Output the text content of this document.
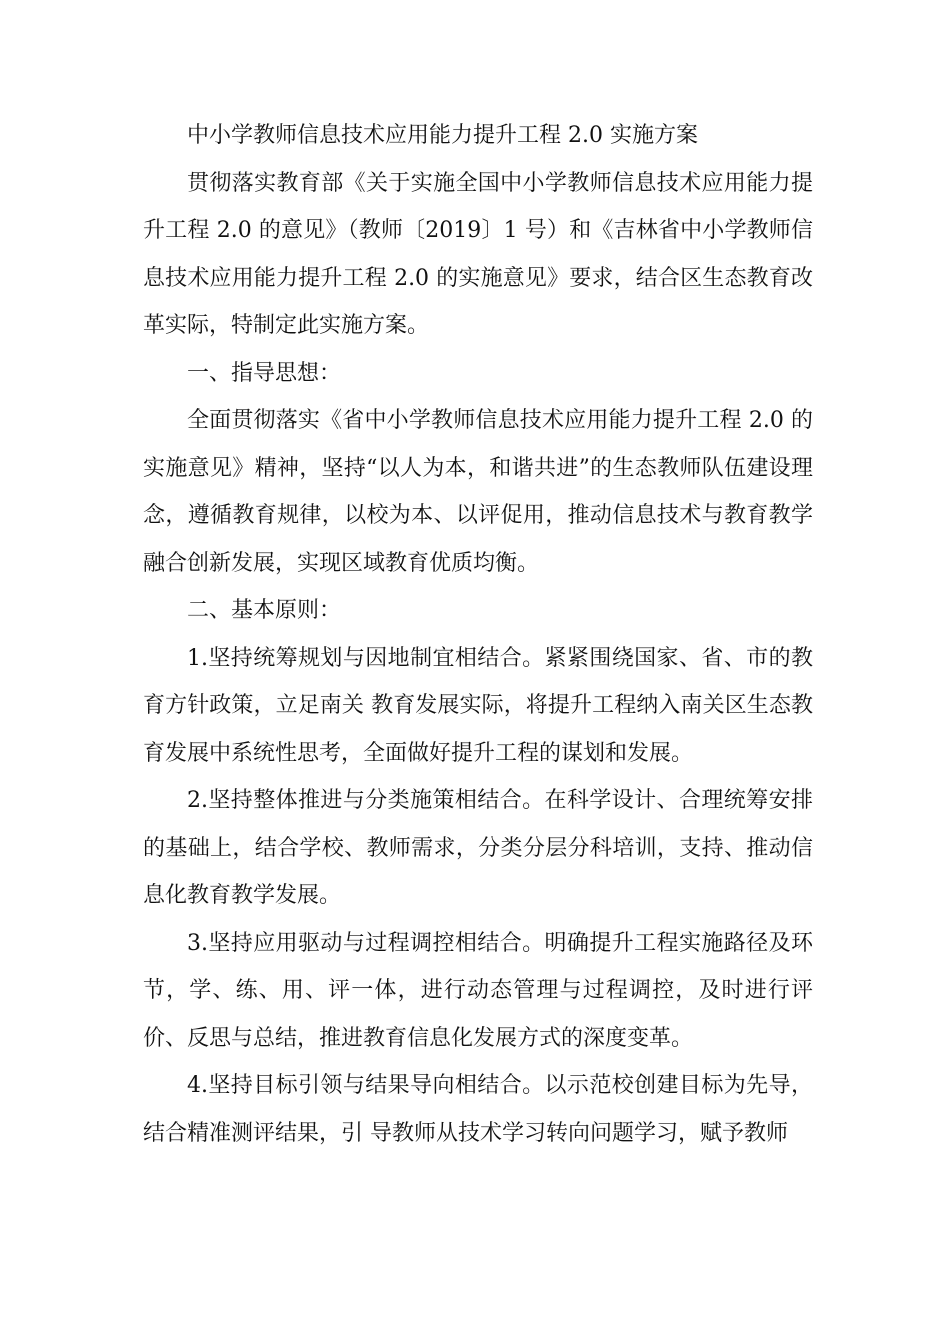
中小学教师信息技术应用能力提升工程 2.0 实施方案

贯彻落实教育部《关于实施全国中小学教师信息技术应用能力提升工程 2.0 的意见》（教师〔2019〕1 号）和《吉林省中小学教师信息技术应用能力提升工程 2.0 的实施意见》要求，结合区生态教育改革实际，特制定此实施方案。

一、指导思想：

全面贯彻落实《省中小学教师信息技术应用能力提升工程 2.0 的实施意见》精神，坚持“以人为本，和谐共进”的生态教师队伍建设理念，遵循教育规律，以校为本、以评促用，推动信息技术与教育教学融合创新发展，实现区域教育优质均衡。

二、基本原则：

1.坚持统筹规划与因地制宜相结合。紧紧围绕国家、省、市的教育方针政策，立足南关 教育发展实际，将提升工程纳入南关区生态教育发展中系统性思考，全面做好提升工程的谋划和发展。

2.坚持整体推进与分类施策相结合。在科学设计、合理统筹安排的基础上，结合学校、教师需求，分类分层分科培训，支持、推动信息化教育教学发展。

3.坚持应用驱动与过程调控相结合。明确提升工程实施路径及环节，学、练、用、评一体，进行动态管理与过程调控，及时进行评价、反思与总结，推进教育信息化发展方式的深度变革。

4.坚持目标引领与结果导向相结合。以示范校创建目标为先导，结合精准测评结果，引 导教师从技术学习转向问题学习，赋予教师
